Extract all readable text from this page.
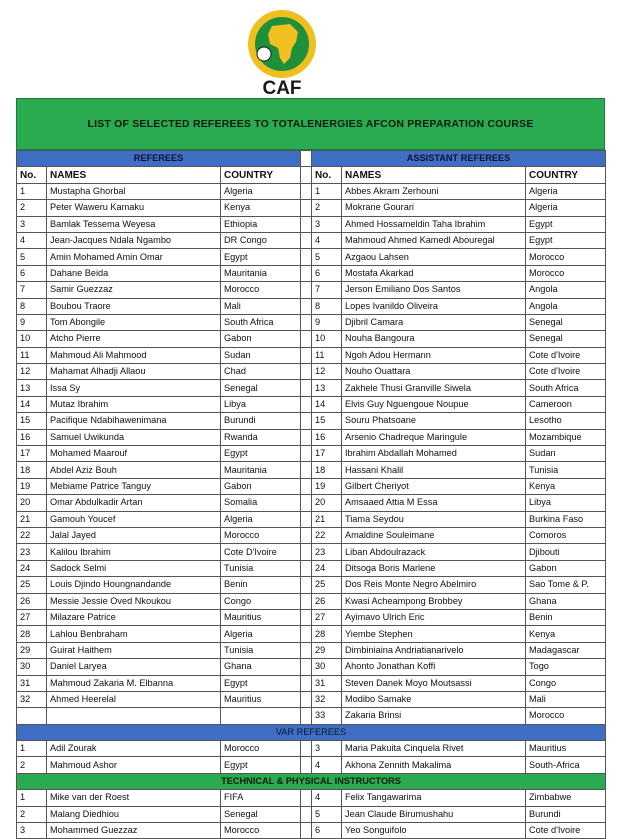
CAF
LIST OF SELECTED REFEREES TO TOTALENERGIES AFCON PREPARATION COURSE
REFEREES				ASSISTANT REFEREES		
No.	NAMES	COUNTRY		No.	NAMES	COUNTRY
1	Mustapha Ghorbal	Algeria		1	Abbes Akram Zerhouni	Algeria
2	Peter Waweru Kamaku	Kenya		2	Mokrane Gourari	Algeria
3	Bamlak Tessema Weyesa	Ethiopia		3	Ahmed Hossameldin Taha Ibrahim	Egypt
4	Jean-Jacques Ndala Ngambo	DR Congo		4	Mahmoud Ahmed Kamedl Abouregal	Egypt
5	Amin Mohamed Amin Omar	Egypt		5	Azgaou Lahsen	Morocco
6	Dahane Beida	Mauritania		6	Mostafa Akarkad	Morocco
7	Samir Guezzaz	Morocco		7	Jerson Emiliano Dos Santos	Angola
8	Boubou Traore	Mali		8	Lopes Ivanildo Oliveira	Angola
9	Tom Abongile	South Africa		9	Djibril Camara	Senegal
10	Atcho Pierre	Gabon		10	Nouha Bangoura	Senegal
11	Mahmoud Ali Mahmood	Sudan		11	Ngoh Adou Hermann	Cote d'Ivoire
12	Mahamat Alhadji Allaou	Chad		12	Nouho Ouattara	Cote d'Ivoire
13	Issa Sy	Senegal		13	Zakhele Thusi Granville Siwela	South Africa
14	Mutaz Ibrahim	Libya		14	Elvis Guy Nguengoue Noupue	Cameroon
15	Pacifique Ndabihawenimana	Burundi		15	Souru Phatsoane	Lesotho
16	Samuel Uwikunda	Rwanda		16	Arsenio Chadreque Maringule	Mozambique
17	Mohamed Maarouf	Egypt		17	Ibrahim Abdallah Mohamed	Sudan
18	Abdel Aziz Bouh	Mauritania		18	Hassani Khalil	Tunisia
19	Mebiame Patrice Tanguy	Gabon		19	Gilbert Cheriyot	Kenya
20	Omar Abdulkadir Artan	Somalia		20	Amsaaed Attia M Essa	Libya
21	Gamouh Youcef	Algeria		21	Tiama Seydou	Burkina Faso
22	Jalal Jayed	Morocco		22	Amaldine Souleimane	Comoros
23	Kalilou Ibrahim	Cote D'Ivoire		23	Liban Abdoulrazack	Djibouti
24	Sadock Selmi	Tunisia		24	Ditsoga Boris Marlene	Gabon
25	Louis Djindo Houngnandande	Benin		25	Dos Reis Monte Negro Abelmiro	Sao Tome & P.
26	Messie Jessie Oved Nkoukou	Congo		26	Kwasi Acheampong Brobbey	Ghana
27	Milazare Patrice	Mauritius		27	Ayimavo Ulrich Eric	Benin
28	Lahlou Benbraham	Algeria		28	Yiembe Stephen	Kenya
29	Guirat Haithem	Tunisia		29	Dimbiniaina Andriatianarivelo	Madagascar
30	Daniel Laryea	Ghana		30	Ahonto Jonathan Koffi	Togo
31	Mahmoud Zakaria M. Elbanna	Egypt		31	Steven Danek Moyo Moutsassi	Congo
32	Ahmed Heerelal	Mauritius		32	Modibo Samake	Mali
				33	Zakaria Brinsi	Morocco
VAR REFEREES						
1	Adil Zourak	Morocco		3	Maria Pakuita Cinquela Rivet	Mauritius
2	Mahmoud Ashor	Egypt		4	Akhona Zennith Makalima	South-Africa
TECHNICAL & PHYSICAL INSTRUCTORS						
1	Mike van der Roest	FIFA		4	Felix Tangawarima	Zimbabwe
2	Malang Diedhiou	Senegal		5	Jean Claude Birumushahu	Burundi
3	Mohammed Guezzaz	Morocco		6	Yeo Songuifolo	Cote d'Ivoire
